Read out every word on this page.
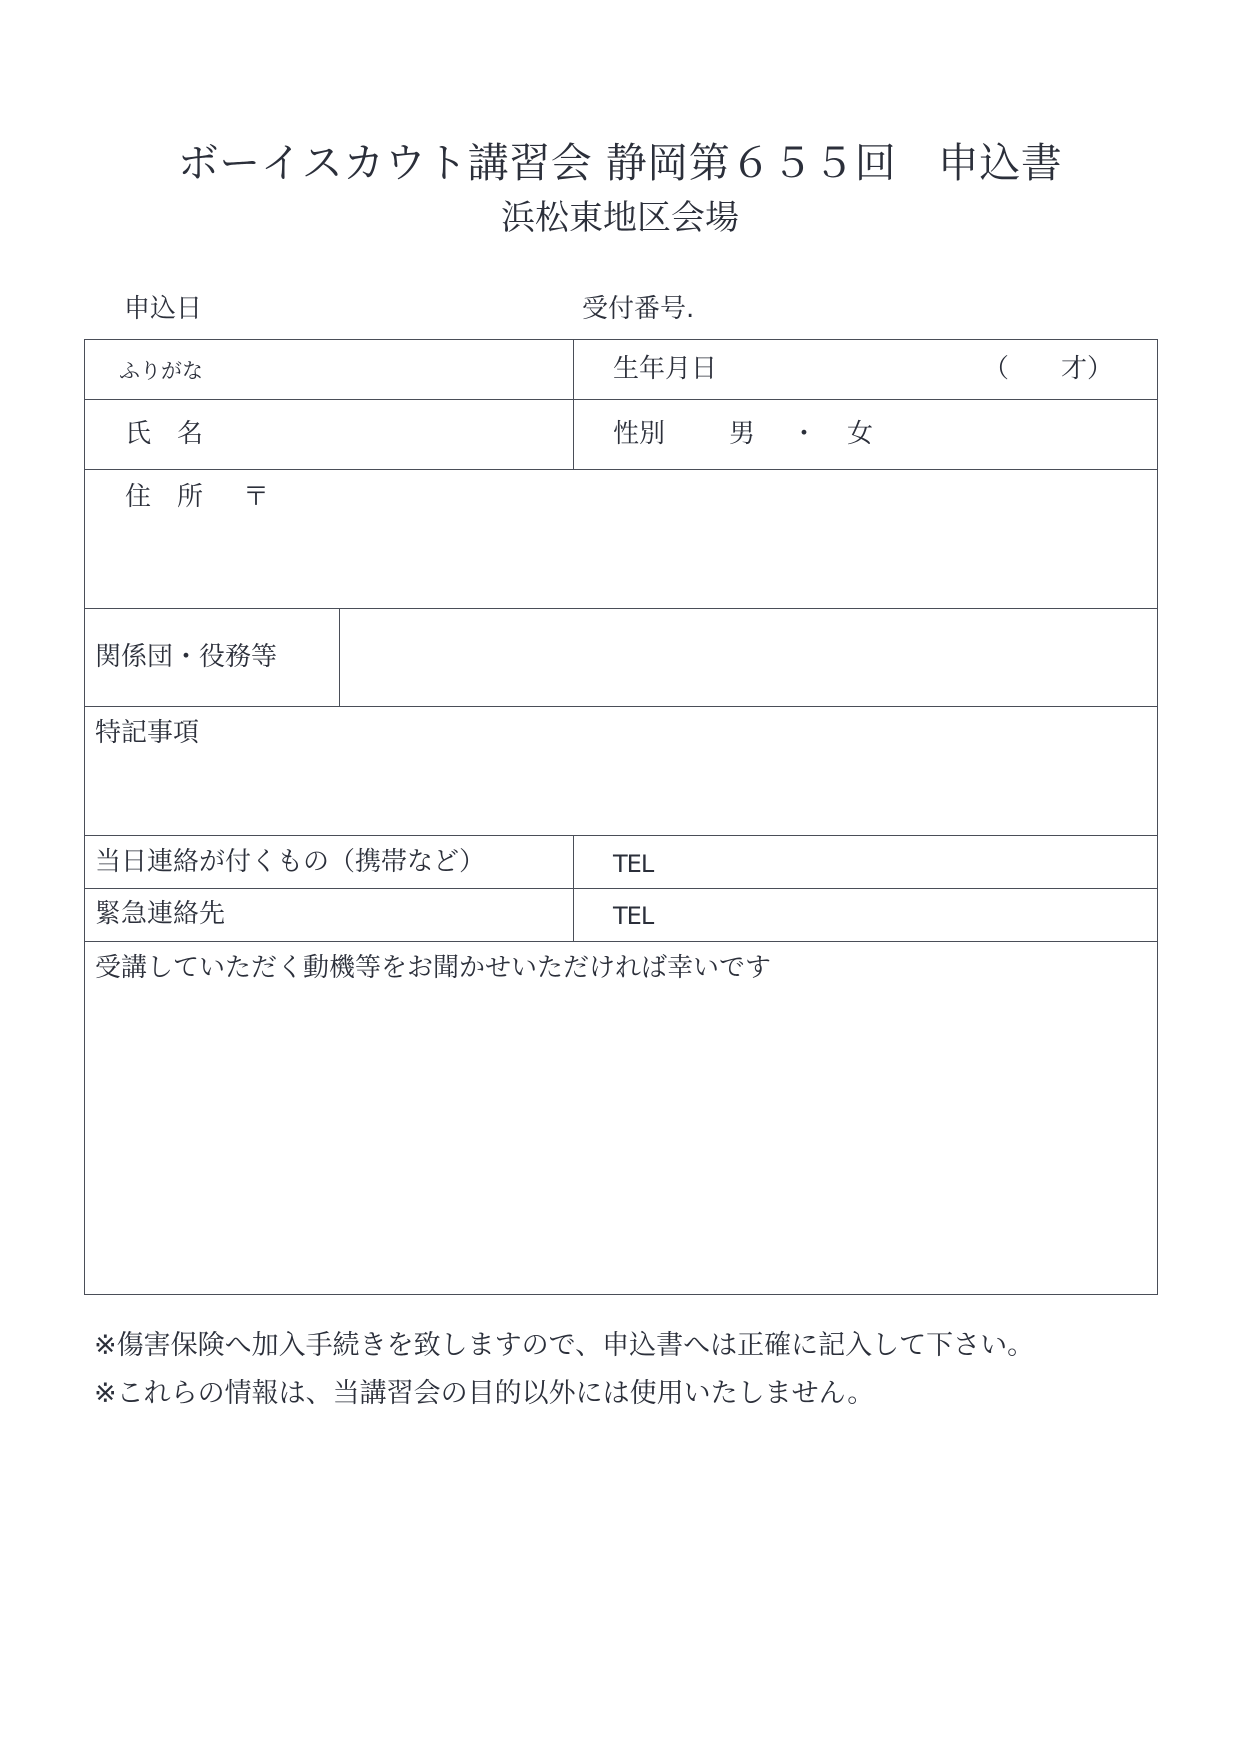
ボーイスカウト講習会 静岡第６５５回　申込書
浜松東地区会場
申込日	受付番号.
ふりがな	生年月日	（　　才）
氏　名	性別 男 ・ 女
住　所 〒
関係団・役務等
特記事項
当日連絡が付くもの（携帯など）	TEL
緊急連絡先	TEL
受講していただく動機等をお聞かせいただければ幸いです
※傷害保険へ加入手続きを致しますので、申込書へは正確に記入して下さい。
※これらの情報は、当講習会の目的以外には使用いたしません。
